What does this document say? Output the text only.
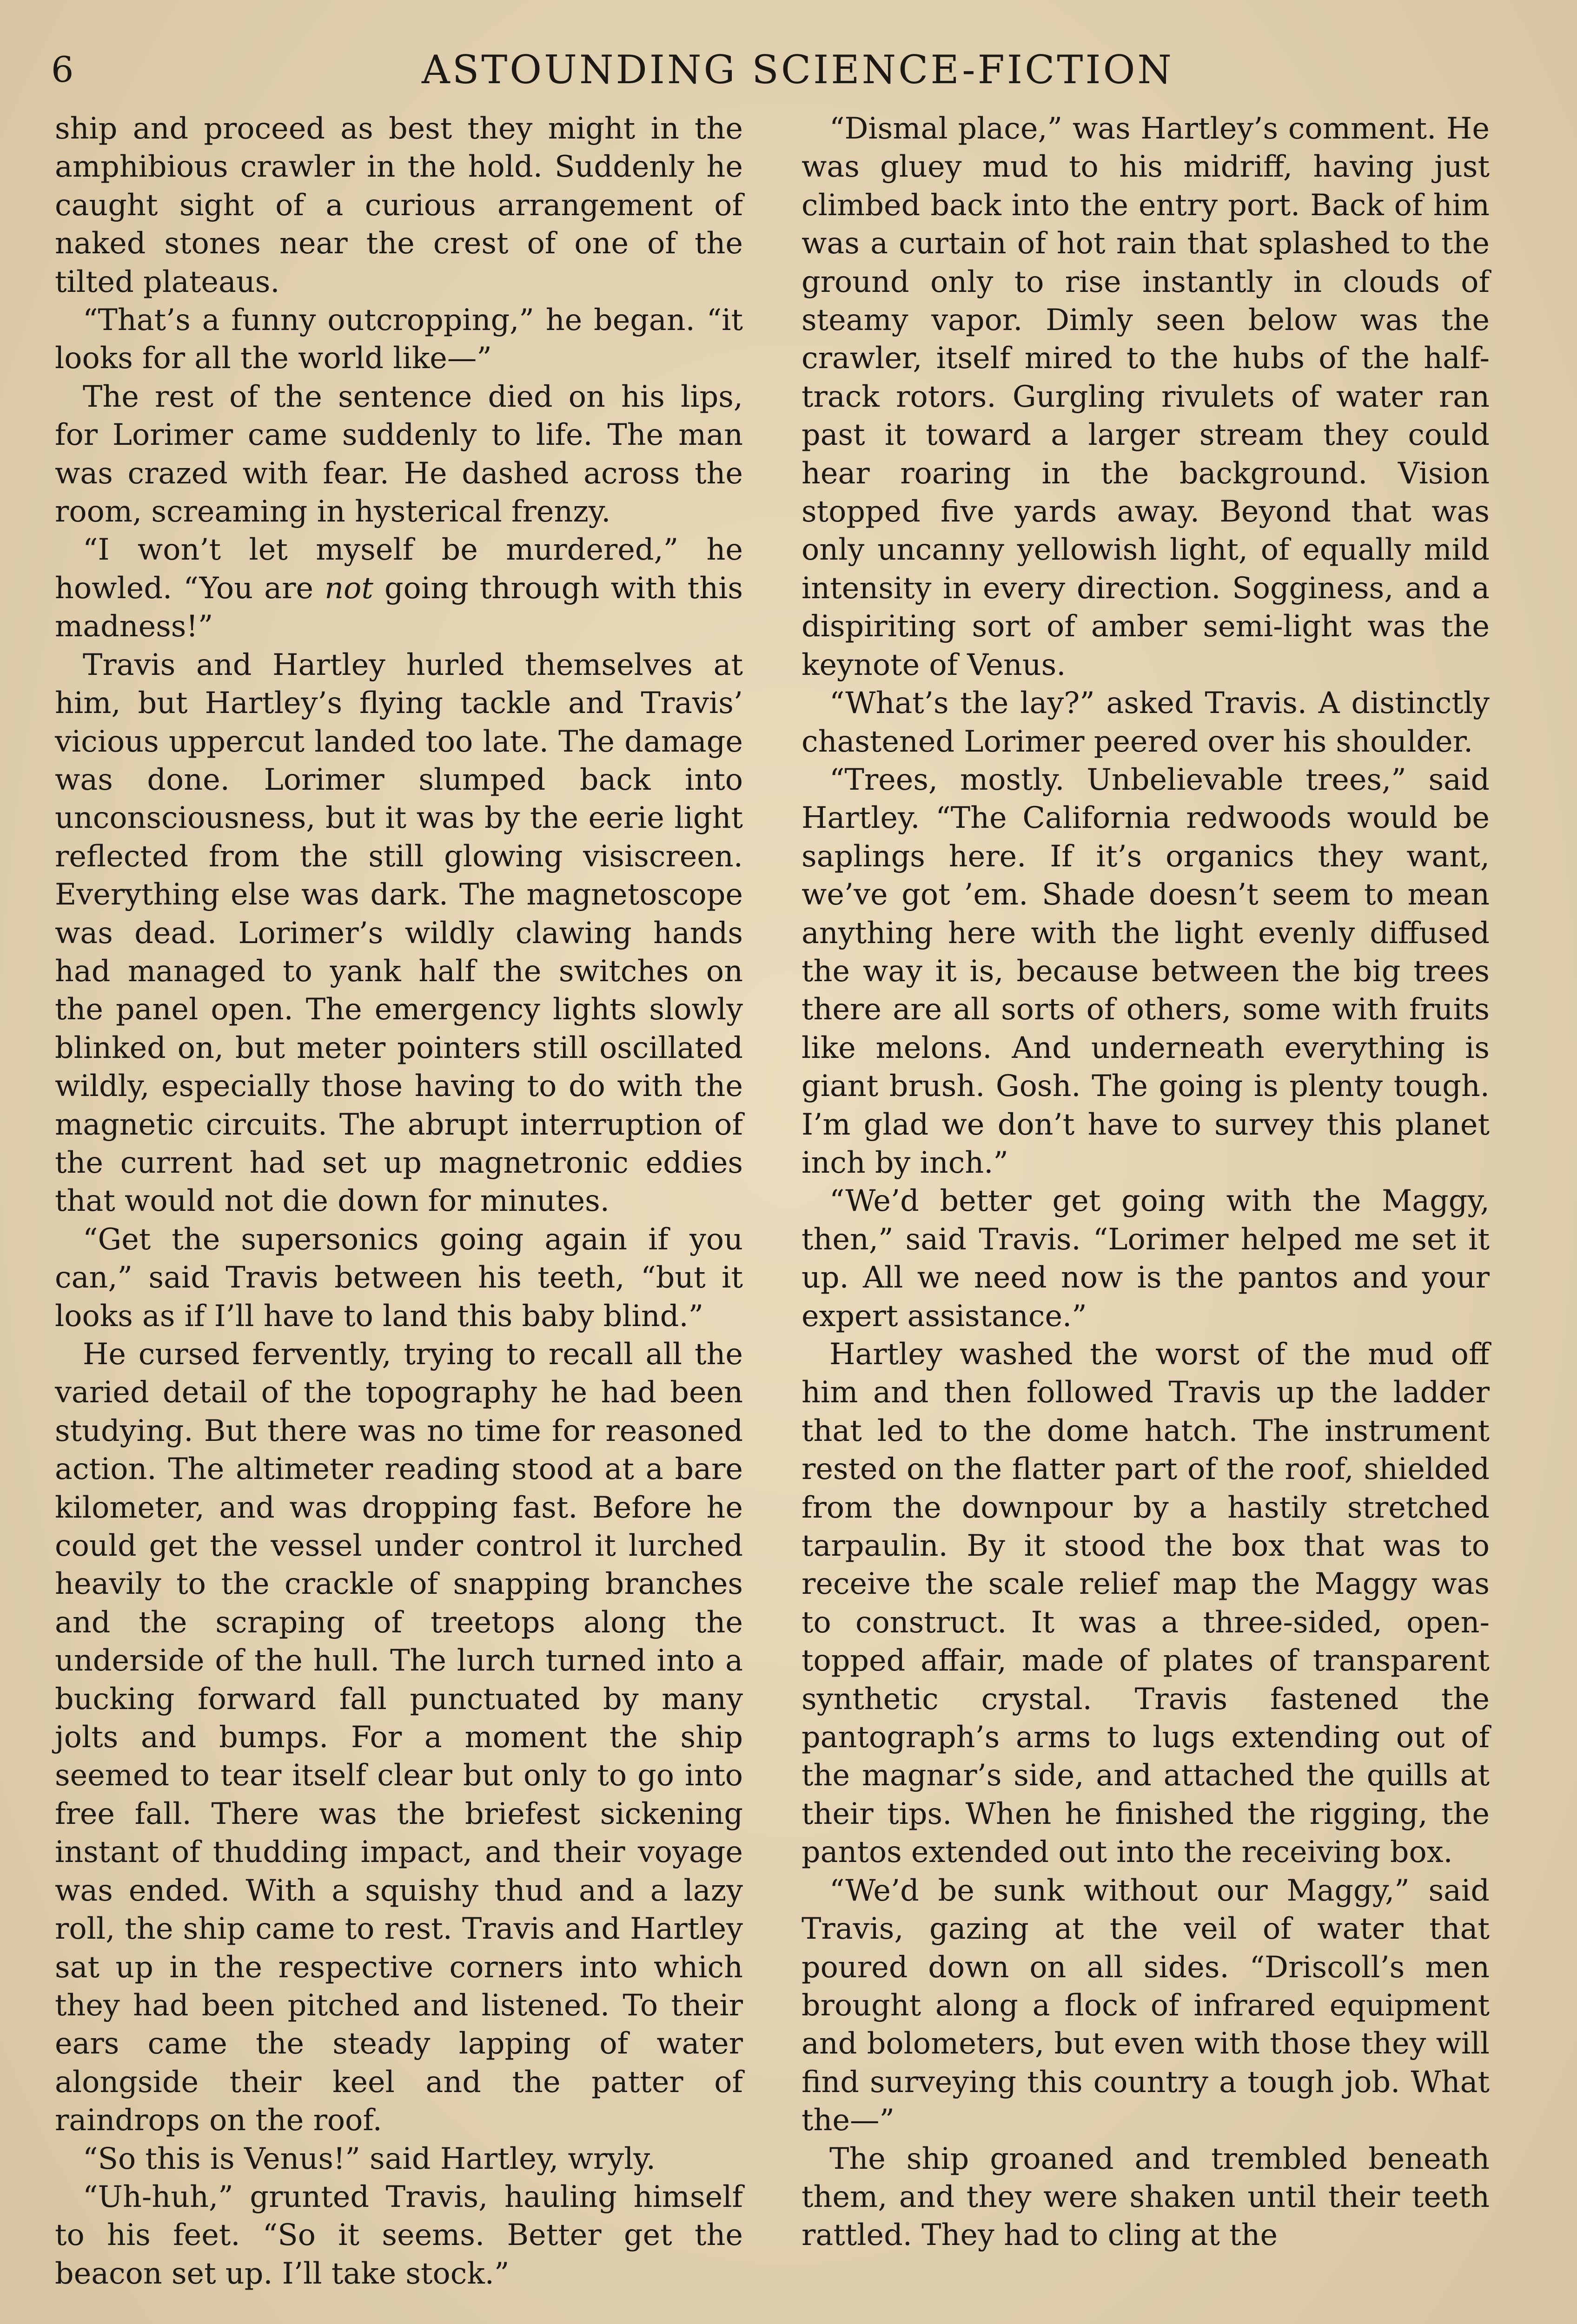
6	ASTOUNDING SCIENCE-FICTION

ship and proceed as best they might in the amphibious crawler in the hold. Suddenly he caught sight of a curious arrangement of naked stones near the crest of one of the tilted plateaus.

“That’s a funny outcropping,” he began. “it looks for all the world like—”

The rest of the sentence died on his lips, for Lorimer came suddenly to life. The man was crazed with fear. He dashed across the room, screaming in hysterical frenzy.

“I won’t let myself be murdered,” he howled. “You are not going through with this madness!”

Travis and Hartley hurled themselves at him, but Hartley’s flying tackle and Travis’ vicious uppercut landed too late. The damage was done. Lorimer slumped back into unconsciousness, but it was by the eerie light reflected from the still glowing visiscreen. Everything else was dark. The magnetoscope was dead. Lorimer’s wildly clawing hands had managed to yank half the switches on the panel open. The emergency lights slowly blinked on, but meter pointers still oscillated wildly, especially those having to do with the magnetic circuits. The abrupt interruption of the current had set up magnetronic eddies that would not die down for minutes.

“Get the supersonics going again if you can,” said Travis between his teeth, “but it looks as if I’ll have to land this baby blind.”

He cursed fervently, trying to recall all the varied detail of the topography he had been studying. But there was no time for reasoned action. The altimeter reading stood at a bare kilometer, and was dropping fast. Before he could get the vessel under control it lurched heavily to the crackle of snapping branches and the scraping of treetops along the underside of the hull. The lurch turned into a bucking forward fall punctuated by many jolts and bumps. For a moment the ship seemed to tear itself clear but only to go into free fall. There was the briefest sickening instant of thudding impact, and their voyage was ended. With a squishy thud and a lazy roll, the ship came to rest. Travis and Hartley sat up in the respective corners into which they had been pitched and listened. To their ears came the steady lapping of water alongside their keel and the patter of raindrops on the roof.

“So this is Venus!” said Hartley, wryly.

“Uh-huh,” grunted Travis, hauling himself to his feet. “So it seems. Better get the beacon set up. I’ll take stock.”

“Dismal place,” was Hartley’s comment. He was gluey mud to his midriff, having just climbed back into the entry port. Back of him was a curtain of hot rain that splashed to the ground only to rise instantly in clouds of steamy vapor. Dimly seen below was the crawler, itself mired to the hubs of the half-track rotors. Gurgling rivulets of water ran past it toward a larger stream they could hear roaring in the background. Vision stopped five yards away. Beyond that was only uncanny yellowish light, of equally mild intensity in every direction. Sogginess, and a dispiriting sort of amber semi-light was the keynote of Venus.

“What’s the lay?” asked Travis. A distinctly chastened Lorimer peered over his shoulder.

“Trees, mostly. Unbelievable trees,” said Hartley. “The California redwoods would be saplings here. If it’s organics they want, we’ve got ’em. Shade doesn’t seem to mean anything here with the light evenly diffused the way it is, because between the big trees there are all sorts of others, some with fruits like melons. And underneath everything is giant brush. Gosh. The going is plenty tough. I’m glad we don’t have to survey this planet inch by inch.”

“We’d better get going with the Maggy, then,” said Travis. “Lorimer helped me set it up. All we need now is the pantos and your expert assistance.”

Hartley washed the worst of the mud off him and then followed Travis up the ladder that led to the dome hatch. The instrument rested on the flatter part of the roof, shielded from the downpour by a hastily stretched tarpaulin. By it stood the box that was to receive the scale relief map the Maggy was to construct. It was a three-sided, open-topped affair, made of plates of transparent synthetic crystal. Travis fastened the pantograph’s arms to lugs extending out of the magnar’s side, and attached the quills at their tips. When he finished the rigging, the pantos extended out into the receiving box.

“We’d be sunk without our Maggy,” said Travis, gazing at the veil of water that poured down on all sides. “Driscoll’s men brought along a flock of infrared equipment and bolometers, but even with those they will find surveying this country a tough job. What the—”

The ship groaned and trembled beneath them, and they were shaken until their teeth rattled. They had to cling at the
